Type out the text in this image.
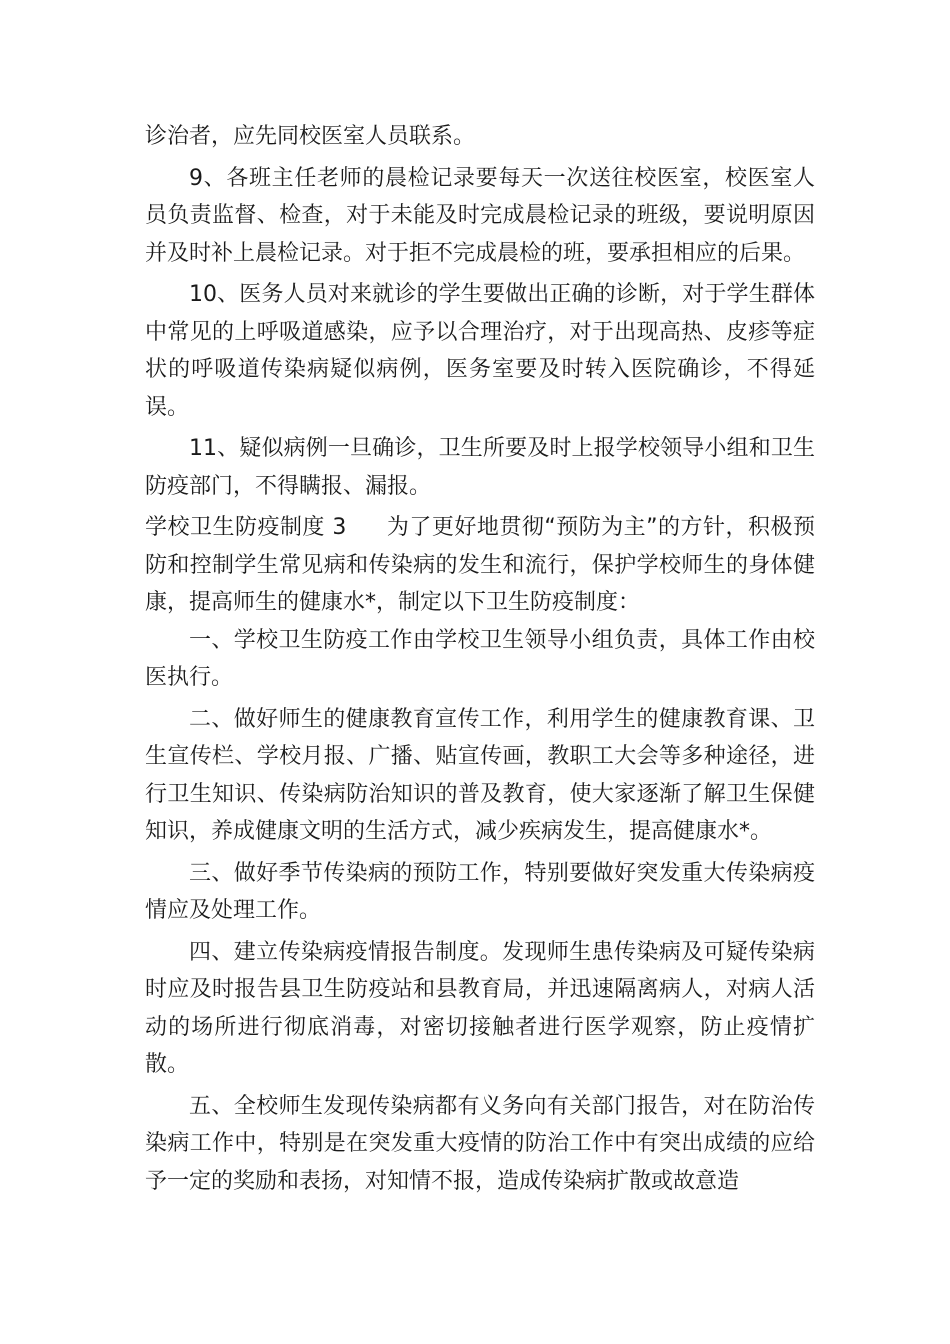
诊治者，应先同校医室人员联系。

9、各班主任老师的晨检记录要每天一次送往校医室，校医室人员负责监督、检查，对于未能及时完成晨检记录的班级，要说明原因并及时补上晨检记录。对于拒不完成晨检的班，要承担相应的后果。

10、医务人员对来就诊的学生要做出正确的诊断，对于学生群体中常见的上呼吸道感染，应予以合理治疗，对于出现高热、皮疹等症状的呼吸道传染病疑似病例，医务室要及时转入医院确诊，不得延误。

11、疑似病例一旦确诊，卫生所要及时上报学校领导小组和卫生防疫部门，不得瞒报、漏报。

学校卫生防疫制度 3 为了更好地贯彻“预防为主”的方针，积极预防和控制学生常见病和传染病的发生和流行，保护学校师生的身体健康，提高师生的健康水*，制定以下卫生防疫制度：

一、学校卫生防疫工作由学校卫生领导小组负责，具体工作由校医执行。

二、做好师生的健康教育宣传工作，利用学生的健康教育课、卫生宣传栏、学校月报、广播、贴宣传画，教职工大会等多种途径，进行卫生知识、传染病防治知识的普及教育，使大家逐渐了解卫生保健知识，养成健康文明的生活方式，减少疾病发生，提高健康水*。

三、做好季节传染病的预防工作，特别要做好突发重大传染病疫情应及处理工作。

四、建立传染病疫情报告制度。发现师生患传染病及可疑传染病时应及时报告县卫生防疫站和县教育局，并迅速隔离病人，对病人活动的场所进行彻底消毒，对密切接触者进行医学观察，防止疫情扩散。

五、全校师生发现传染病都有义务向有关部门报告，对在防治传染病工作中，特别是在突发重大疫情的防治工作中有突出成绩的应给予一定的奖励和表扬，对知情不报，造成传染病扩散或故意造
